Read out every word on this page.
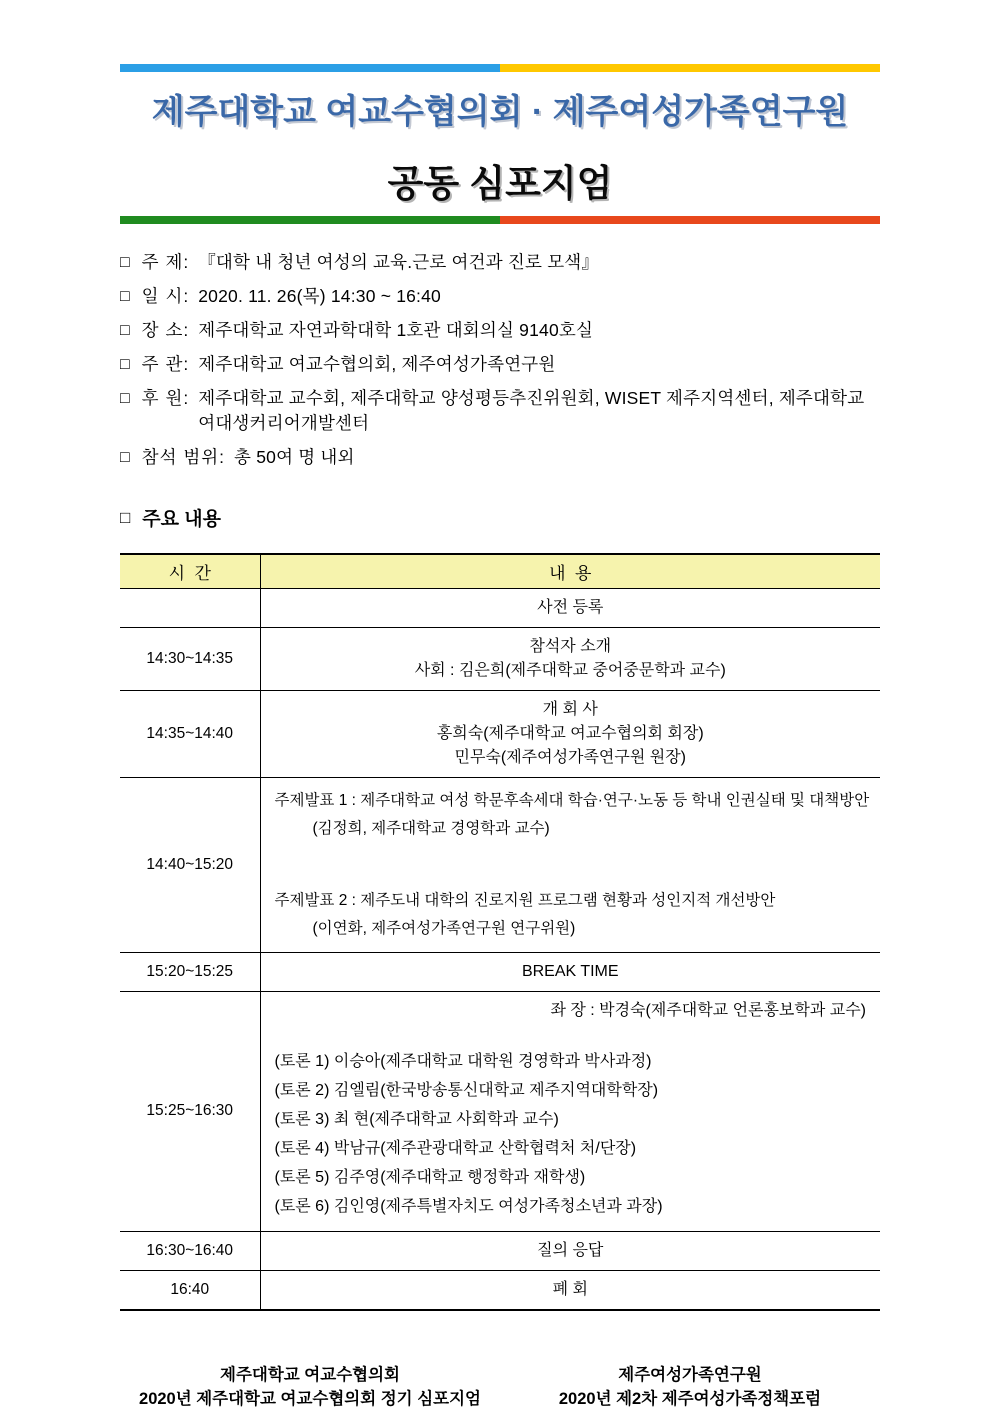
제주대학교 여교수협의회 · 제주여성가족연구원
공동 심포지엄
□ 주 제: 『대학 내 청년 여성의 교육.근로 여건과 진로 모색』
□ 일 시: 2020. 11. 26(목) 14:30 ~ 16:40
□ 장 소: 제주대학교 자연과학대학 1호관 대회의실 9140호실
□ 주 관: 제주대학교 여교수협의회, 제주여성가족연구원
□ 후 원: 제주대학교 교수회, 제주대학교 양성평등추진위원회, WISET 제주지역센터, 제주대학교 여대생커리어개발센터
□ 참석 범위: 총 50여 명 내외
□ 주요 내용
시  간	내  용

	사전 등록

14:30~14:35	참석자 소개
사회 : 김은희(제주대학교 중어중문학과 교수)

14:35~14:40	개 회 사
홍희숙(제주대학교 여교수협의회 회장)
민무숙(제주여성가족연구원 원장)

14:40~15:20	주제발표 1 : 제주대학교 여성 학문후속세대 학습·연구·노동 등 학내 인권실태 및 대책방안
(김정희, 제주대학교 경영학과 교수)
주제발표 2 : 제주도내 대학의 진로지원 프로그램 현황과 성인지적 개선방안
(이연화, 제주여성가족연구원 연구위원)

15:20~15:25	BREAK TIME

15:25~16:30	
좌 장 : 박경숙(제주대학교 언론홍보학과 교수)
(토론 1) 이승아(제주대학교 대학원 경영학과 박사과정)
(토론 2) 김엘림(한국방송통신대학교 제주지역대학학장)
(토론 3) 최 현(제주대학교 사회학과 교수)
(토론 4) 박남규(제주관광대학교 산학협력처 처/단장)
(토론 5) 김주영(제주대학교 행정학과 재학생)
(토론 6) 김인영(제주특별자치도 여성가족청소년과 과장)

16:30~16:40	질의 응답

16:40	폐 회
제주대학교 여교수협의회
2020년 제주대학교 여교수협의회 정기 심포지엄
제주여성가족연구원
2020년 제2차 제주여성가족정책포럼
